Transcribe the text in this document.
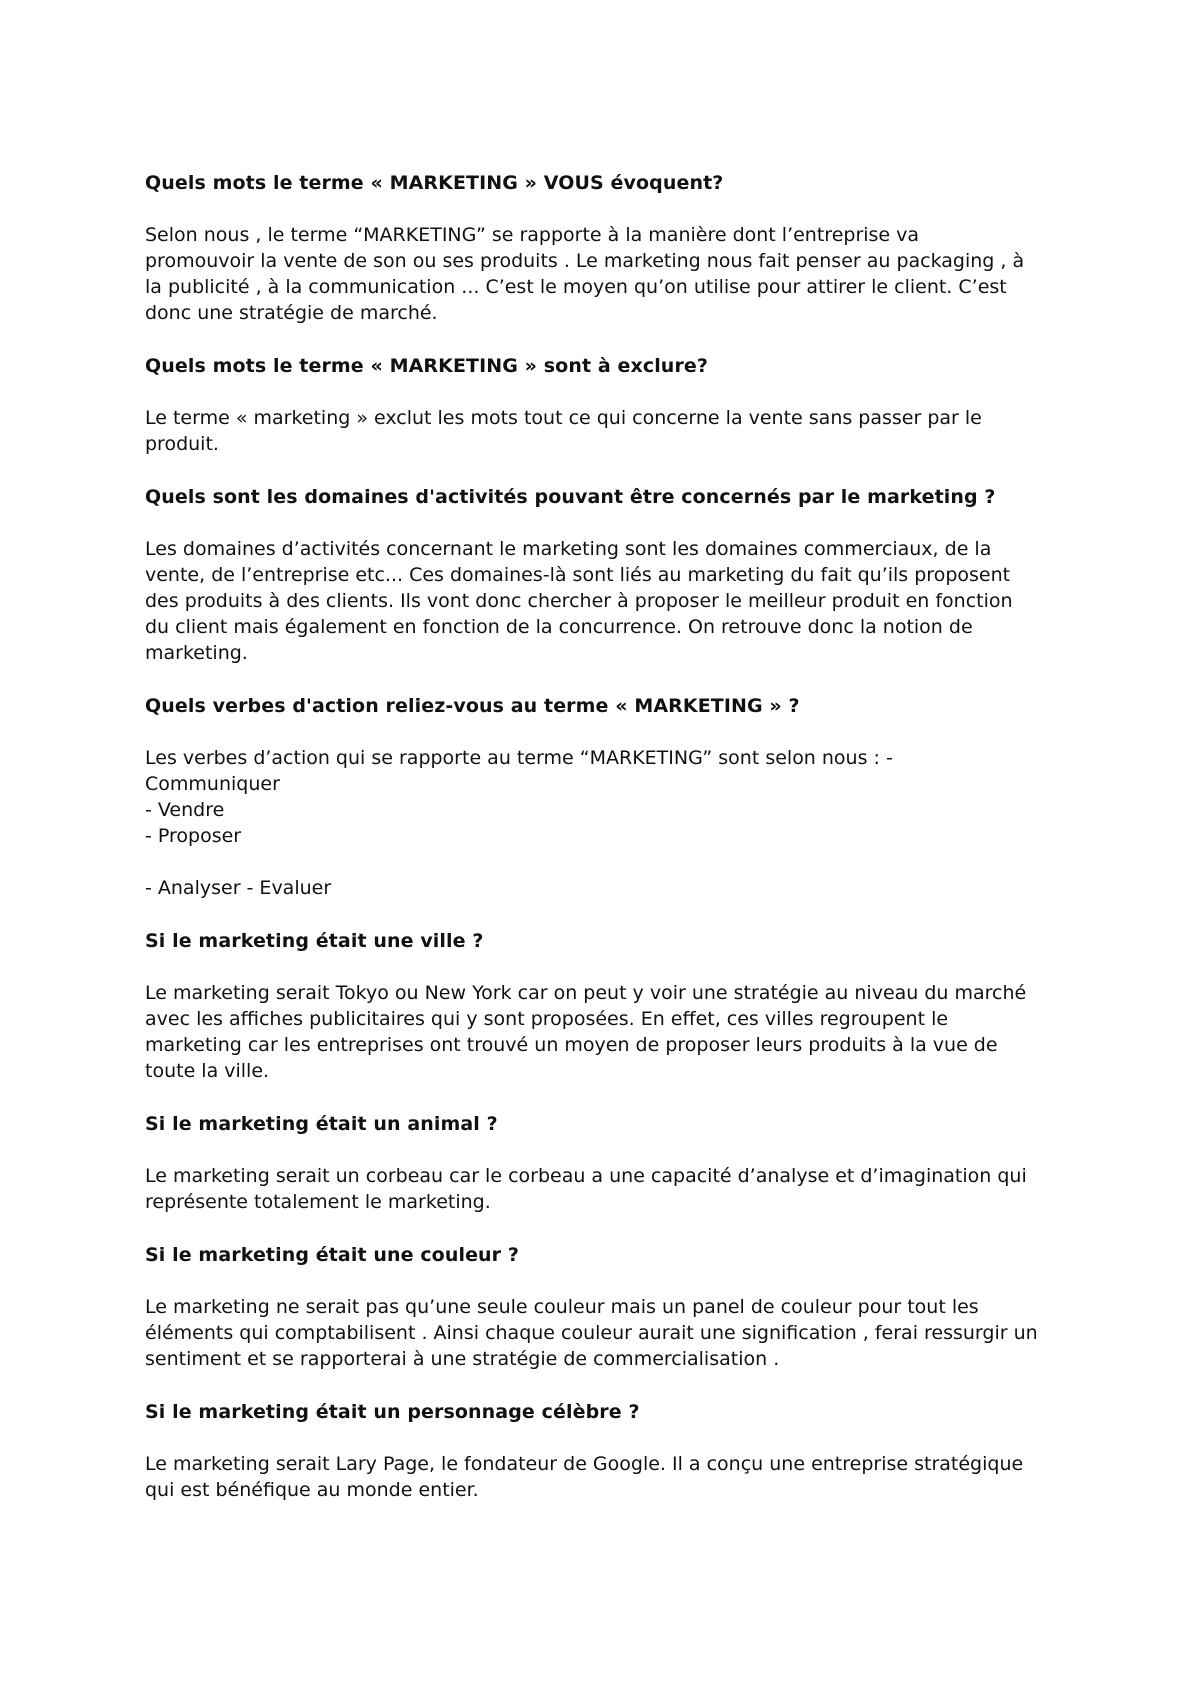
Quels mots le terme « MARKETING » VOUS évoquent?
Selon nous , le terme “MARKETING” se rapporte à la manière dont l’entreprise va
promouvoir la vente de son ou ses produits . Le marketing nous fait penser au packaging , à
la publicité , à la communication ... C’est le moyen qu’on utilise pour attirer le client. C’est
donc une stratégie de marché.
Quels mots le terme « MARKETING » sont à exclure?
Le terme « marketing » exclut les mots tout ce qui concerne la vente sans passer par le
produit.
Quels sont les domaines d'activités pouvant être concernés par le marketing ?
Les domaines d’activités concernant le marketing sont les domaines commerciaux, de la
vente, de l’entreprise etc... Ces domaines-là sont liés au marketing du fait qu’ils proposent
des produits à des clients. Ils vont donc chercher à proposer le meilleur produit en fonction
du client mais également en fonction de la concurrence. On retrouve donc la notion de
marketing.
Quels verbes d'action reliez-vous au terme « MARKETING » ?
Les verbes d’action qui se rapporte au terme “MARKETING” sont selon nous : -
Communiquer
- Vendre
- Proposer
- Analyser - Evaluer
Si le marketing était une ville ?
Le marketing serait Tokyo ou New York car on peut y voir une stratégie au niveau du marché
avec les affiches publicitaires qui y sont proposées. En effet, ces villes regroupent le
marketing car les entreprises ont trouvé un moyen de proposer leurs produits à la vue de
toute la ville.
Si le marketing était un animal ?
Le marketing serait un corbeau car le corbeau a une capacité d’analyse et d’imagination qui
représente totalement le marketing.
Si le marketing était une couleur ?
Le marketing ne serait pas qu’une seule couleur mais un panel de couleur pour tout les
éléments qui comptabilisent . Ainsi chaque couleur aurait une signification , ferai ressurgir un
sentiment et se rapporterai à une stratégie de commercialisation .
Si le marketing était un personnage célèbre ?
Le marketing serait Lary Page, le fondateur de Google. Il a conçu une entreprise stratégique
qui est bénéfique au monde entier.
